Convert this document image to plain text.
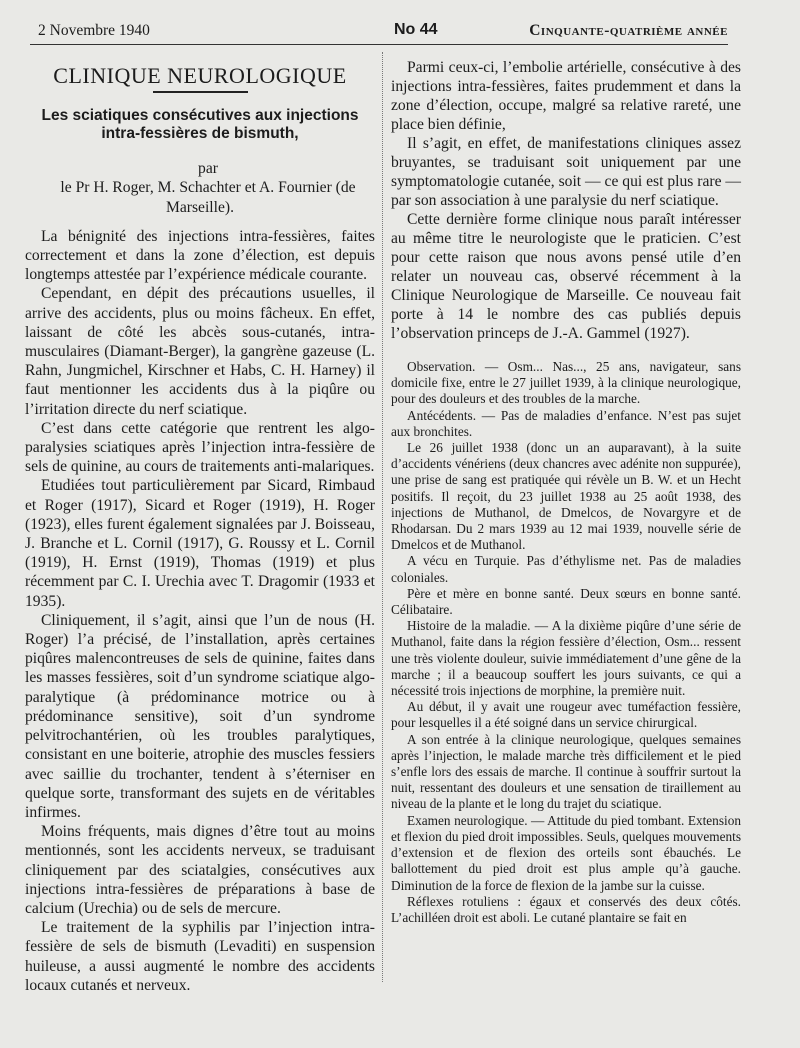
2 Novembre 1940	No 44	Cinquante-quatrième année
CLINIQUE NEUROLOGIQUE
Les sciatiques consécutives aux injections intra-fessières de bismuth,

par

le Pr H. Roger, M. Schachter et A. Fournier (de Marseille).

La bénignité des injections intra-fessières, faites correctement et dans la zone d’élection, est depuis longtemps attestée par l’expérience médicale courante.

Cependant, en dépit des précautions usuelles, il arrive des accidents, plus ou moins fâcheux. En effet, laissant de côté les abcès sous-cutanés, intra-musculaires (Diamant-Berger), la gangrène gazeuse (L. Rahn, Jungmichel, Kirschner et Habs, C. H. Harney) il faut mentionner les accidents dus à la piqûre ou l’irritation directe du nerf sciatique.

C’est dans cette catégorie que rentrent les algo-paralysies sciatiques après l’injection intra-fessière de sels de quinine, au cours de traitements anti-malariques.

Etudiées tout particulièrement par Sicard, Rimbaud et Roger (1917), Sicard et Roger (1919), H. Roger (1923), elles furent également signalées par J. Boisseau, J. Branche et L. Cornil (1917), G. Roussy et L. Cornil (1919), H. Ernst (1919), Thomas (1919) et plus récemment par C. I. Urechia avec T. Dragomir (1933 et 1935).

Cliniquement, il s’agit, ainsi que l’un de nous (H. Roger) l’a précisé, de l’installation, après certaines piqûres malencontreuses de sels de quinine, faites dans les masses fessières, soit d’un syndrome sciatique algo-paralytique (à prédominance motrice ou à prédominance sensitive), soit d’un syndrome pelvitrochantérien, où les troubles paralytiques, consistant en une boiterie, atrophie des muscles fessiers avec saillie du trochanter, tendent à s’éterniser en quelque sorte, transformant des sujets en de véritables infirmes.

Moins fréquents, mais dignes d’être tout au moins mentionnés, sont les accidents nerveux, se traduisant cliniquement par des sciatalgies, consécutives aux injections intra-fessières de préparations à base de calcium (Urechia) ou de sels de mercure.

Le traitement de la syphilis par l’injection intra-fessière de sels de bismuth (Levaditi) en suspension huileuse, a aussi augmenté le nombre des accidents locaux cutanés et nerveux.

Parmi ceux-ci, l’embolie artérielle, consécutive à des injections intra-fessières, faites prudemment et dans la zone d’élection, occupe, malgré sa relative rareté, une place bien définie,

Il s’agit, en effet, de manifestations cliniques assez bruyantes, se traduisant soit uniquement par une symptomatologie cutanée, soit — ce qui est plus rare — par son association à une paralysie du nerf sciatique.

Cette dernière forme clinique nous paraît intéresser au même titre le neurologiste que le praticien. C’est pour cette raison que nous avons pensé utile d’en relater un nouveau cas, observé récemment à la Clinique Neurologique de Marseille. Ce nouveau fait porte à 14 le nombre des cas publiés depuis l’observation princeps de J.-A. Gammel (1927).

Observation. — Osm... Nas..., 25 ans, navigateur, sans domicile fixe, entre le 27 juillet 1939, à la clinique neurologique, pour des douleurs et des troubles de la marche.

Antécédents. — Pas de maladies d’enfance. N’est pas sujet aux bronchites.

Le 26 juillet 1938 (donc un an auparavant), à la suite d’accidents vénériens (deux chancres avec adénite non suppurée), une prise de sang est pratiquée qui révèle un B. W. et un Hecht positifs. Il reçoit, du 23 juillet 1938 au 25 août 1938, des injections de Muthanol, de Dmelcos, de Novargyre et de Rhodarsan. Du 2 mars 1939 au 12 mai 1939, nouvelle série de Dmelcos et de Muthanol.

A vécu en Turquie. Pas d’éthylisme net. Pas de maladies coloniales.

Père et mère en bonne santé. Deux sœurs en bonne santé. Célibataire.

Histoire de la maladie. — A la dixième piqûre d’une série de Muthanol, faite dans la région fessière d’élection, Osm... ressent une très violente douleur, suivie immédiatement d’une gêne de la marche ; il a beaucoup souffert les jours suivants, ce qui a nécessité trois injections de morphine, la première nuit.

Au début, il y avait une rougeur avec tuméfaction fessière, pour lesquelles il a été soigné dans un service chirurgical.

A son entrée à la clinique neurologique, quelques semaines après l’injection, le malade marche très difficilement et le pied s’enfle lors des essais de marche. Il continue à souffrir surtout la nuit, ressentant des douleurs et une sensation de tiraillement au niveau de la plante et le long du trajet du sciatique.

Examen neurologique. — Attitude du pied tombant. Extension et flexion du pied droit impossibles. Seuls, quelques mouvements d’extension et de flexion des orteils sont ébauchés. Le ballottement du pied droit est plus ample qu’à gauche. Diminution de la force de flexion de la jambe sur la cuisse.

Réflexes rotuliens : égaux et conservés des deux côtés. L’achilléen droit est aboli. Le cutané plantaire se fait en
